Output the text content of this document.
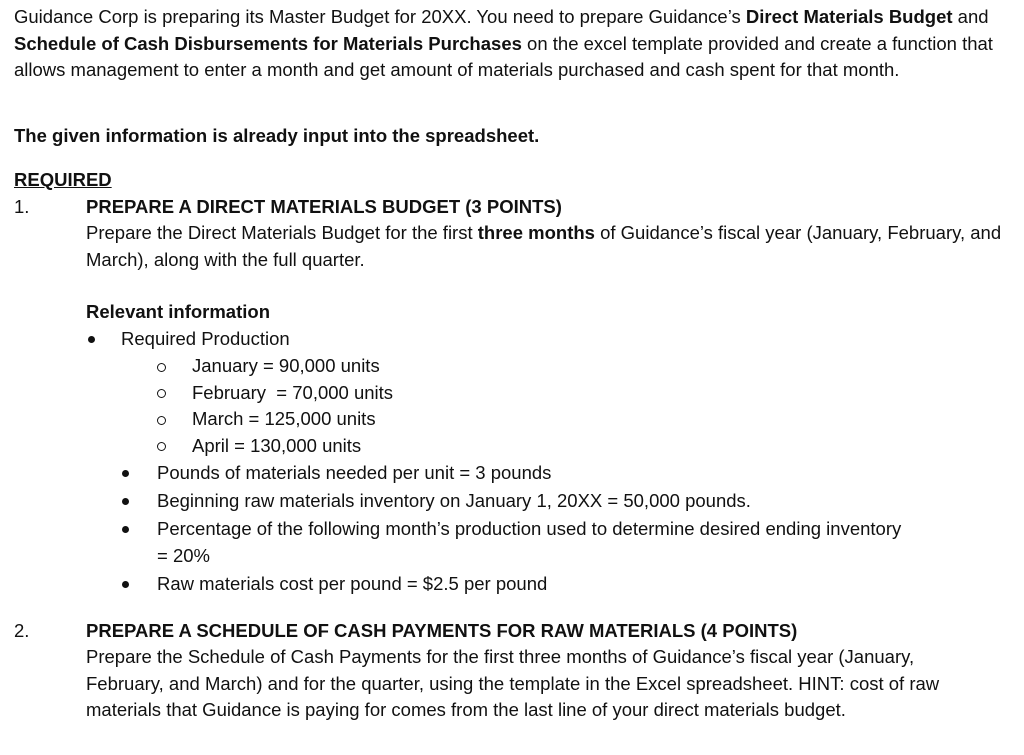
Guidance Corp is preparing its Master Budget for 20XX. You need to prepare Guidance’s Direct Materials Budget and Schedule of Cash Disbursements for Materials Purchases on the excel template provided and create a function that allows management to enter a month and get amount of materials purchased and cash spent for that month.
The given information is already input into the spreadsheet.
REQUIRED
1.	PREPARE A DIRECT MATERIALS BUDGET (3 POINTS)
Prepare the Direct Materials Budget for the first three months of Guidance’s fiscal year (January, February, and March), along with the full quarter.
Relevant information
Required Production
January = 90,000 units
February  = 70,000 units
March = 125,000 units
April = 130,000 units
Pounds of materials needed per unit = 3 pounds
Beginning raw materials inventory on January 1, 20XX = 50,000 pounds.
Percentage of the following month’s production used to determine desired ending inventory = 20%
Raw materials cost per pound = $2.5 per pound
2.	PREPARE A SCHEDULE OF CASH PAYMENTS FOR RAW MATERIALS (4 POINTS)
Prepare the Schedule of Cash Payments for the first three months of Guidance’s fiscal year (January, February, and March) and for the quarter, using the template in the Excel spreadsheet. HINT: cost of raw materials that Guidance is paying for comes from the last line of your direct materials budget.
